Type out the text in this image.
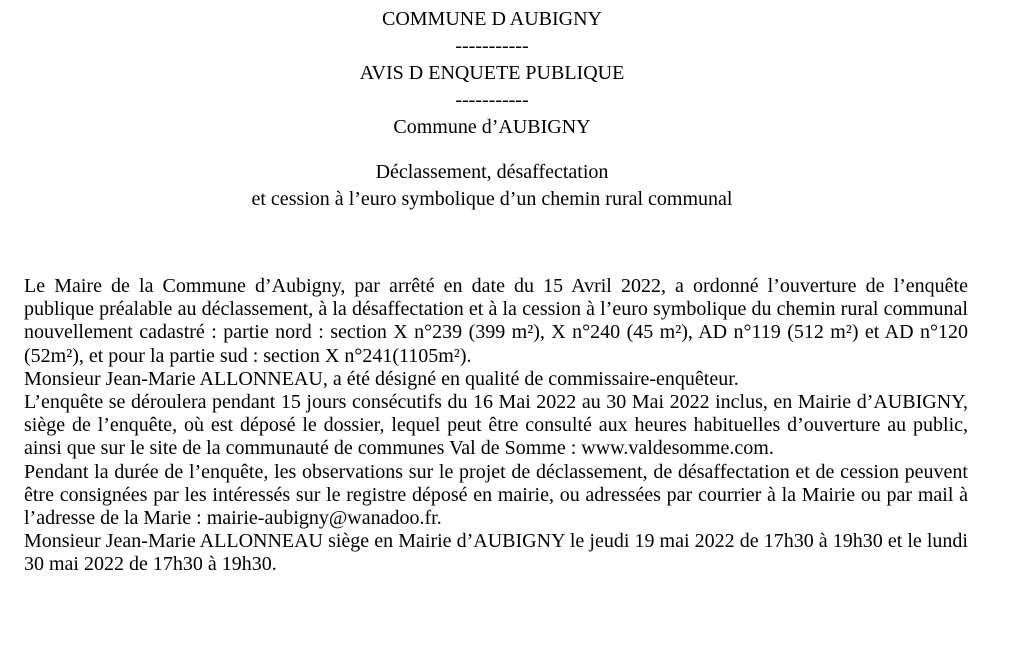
COMMUNE D AUBIGNY
-----------
AVIS D ENQUETE PUBLIQUE
-----------
Commune d’AUBIGNY
Déclassement, désaffectation
et cession à l’euro symbolique d’un chemin rural communal

Le Maire de la Commune d’Aubigny, par arrêté en date du 15 Avril 2022, a ordonné l’ouverture de l’enquête publique préalable au déclassement, à la désaffectation et à la cession à l’euro symbolique du chemin rural communal nouvellement cadastré : partie nord : section X n°239 (399 m²), X n°240 (45 m²), AD n°119 (512 m²) et AD n°120 (52m²), et pour la partie sud : section X n°241(1105m²).

Monsieur Jean-Marie ALLONNEAU, a été désigné en qualité de commissaire-enquêteur.

L’enquête se déroulera pendant 15 jours consécutifs du 16 Mai 2022 au 30 Mai 2022 inclus, en Mairie d’AUBIGNY, siège de l’enquête, où est déposé le dossier, lequel peut être consulté aux heures habituelles d’ouverture au public, ainsi que sur le site de la communauté de communes Val de Somme : www.valdesomme.com.

Pendant la durée de l’enquête, les observations sur le projet de déclassement, de désaffectation et de cession peuvent être consignées par les intéressés sur le registre déposé en mairie, ou adressées par courrier à la Mairie ou par mail à l’adresse de la Marie : mairie-aubigny@wanadoo.fr.

Monsieur Jean-Marie ALLONNEAU siège en Mairie d’AUBIGNY le jeudi 19 mai 2022 de 17h30 à 19h30 et le lundi 30 mai 2022 de 17h30 à 19h30.
